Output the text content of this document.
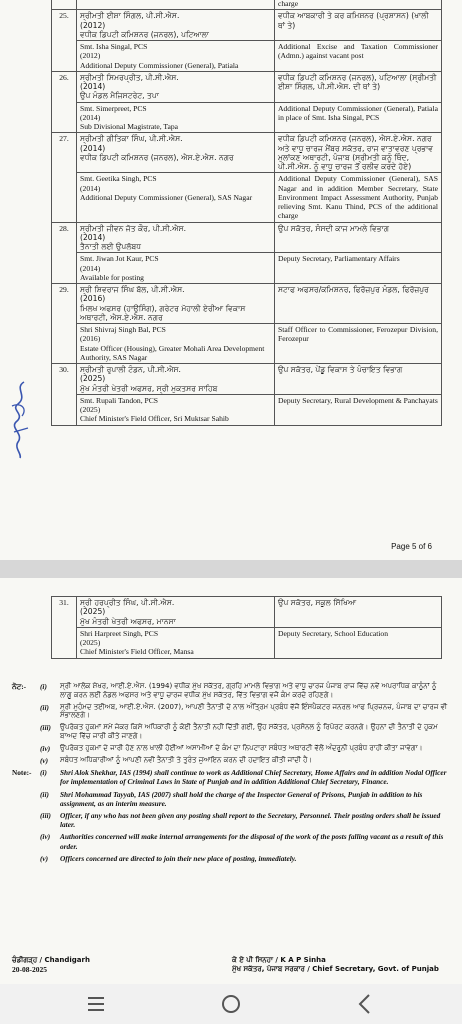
		charge
25.	ਸ੍ਰੀਮਤੀ ਈਸ਼ਾ ਸਿੰਗਲ, ਪੀ.ਸੀ.ਐਸ.
(2012)
ਵਧੀਕ ਡਿਪਟੀ ਕਮਿਸ਼ਨਰ (ਜਨਰਲ), ਪਟਿਆਲਾ	ਵਧੀਕ ਆਬਕਾਰੀ ਤੇ ਕਰ ਕਮਿਸ਼ਨਰ (ਪ੍ਰਸ਼ਾਸਨ) (ਖਾਲੀ ਥਾਂ ਤੇ)

	Smt. Isha Singal, PCS
(2012)
Additional Deputy Commissioner (General), Patiala	Additional Excise and Taxation Commissioner (Admn.) against vacant post
26.	ਸ੍ਰੀਮਤੀ ਸਿਮਰਪ੍ਰੀਤ, ਪੀ.ਸੀ.ਐਸ.
(2014)
ਉਪ ਮੰਡਲ ਮੈਜਿਸਟਰੇਟ, ਤਪਾ	ਵਧੀਕ ਡਿਪਟੀ ਕਮਿਸ਼ਨਰ (ਜਨਰਲ), ਪਟਿਆਲਾ (ਸ੍ਰੀਮਤੀ ਈਸ਼ਾ ਸਿੰਗਲ, ਪੀ.ਸੀ.ਐਸ. ਦੀ ਥਾਂ ਤੇ)

	Smt. Simerpreet, PCS
(2014)
Sub Divisional Magistrate, Tapa	Additional Deputy Commissioner (General), Patiala in place of Smt. Isha Singal, PCS
27.	ਸ੍ਰੀਮਤੀ ਗੀਤਿਕਾ ਸਿੰਘ, ਪੀ.ਸੀ.ਐਸ.
(2014)
ਵਧੀਕ ਡਿਪਟੀ ਕਮਿਸ਼ਨਰ (ਜਨਰਲ), ਐਸ.ਏ.ਐਸ. ਨਗਰ	ਵਧੀਕ ਡਿਪਟੀ ਕਮਿਸ਼ਨਰ (ਜਨਰਲ), ਐਸ.ਏ.ਐਸ. ਨਗਰ ਅਤੇ ਵਾਧੂ ਚਾਰਜ ਮੈਂਬਰ ਸਕੱਤਰ, ਰਾਜ ਵਾਤਾਵਰਣ ਪ੍ਰਭਾਵ ਮੁਲਾਂਕਣ ਅਥਾਰਟੀ, ਪੰਜਾਬ (ਸ੍ਰੀਮਤੀ ਕਨੂੰ ਥਿੰਦ, ਪੀ.ਸੀ.ਐਸ. ਨੂੰ ਵਾਧੂ ਚਾਰਜ ਤੋਂ ਰਲੀਵ ਕਰਦੇ ਹੋਏ)

	Smt. Geetika Singh, PCS
(2014)
Additional Deputy Commissioner (General), SAS Nagar	Additional Deputy Commissioner (General), SAS Nagar and in addition Member Secretary, State Environment Impact Assessment Authority, Punjab relieving Smt. Kanu Thind, PCS of the additional charge
28.	ਸ੍ਰੀਮਤੀ ਜੀਵਨ ਜੋਤ ਕੌਰ, ਪੀ.ਸੀ.ਐਸ.
(2014)
ਤੈਨਾਤੀ ਲਈ ਉਪਲੱਬਧ	ਉਪ ਸਕੱਤਰ, ਸੰਸਦੀ ਕਾਜ ਮਾਮਲੇ ਵਿਭਾਗ

	Smt. Jiwan Jot Kaur, PCS
(2014)
Available for posting	Deputy Secretary, Parliamentary Affairs
29.	ਸ੍ਰੀ ਸ਼ਿਵਰਾਜ ਸਿੰਘ ਬੱਲ, ਪੀ.ਸੀ.ਐਸ.
(2016)
ਮਿਲਖ ਅਫਸਰ (ਹਾਉਸਿੰਗ), ਗਰੇਟਰ ਮੋਹਾਲੀ ਏਰੀਆ ਵਿਕਾਸ ਅਥਾਰਟੀ, ਐਸ.ਏ.ਐਸ. ਨਗਰ	ਸਟਾਫ ਅਫਸਰ/ਕਮਿਸ਼ਨਰ, ਫਿਰੋਜ਼ਪੁਰ ਮੰਡਲ, ਫਿਰੋਜ਼ਪੁਰ

	Shri Shivraj Singh Bal, PCS
(2016)
Estate Officer (Housing), Greater Mohali Area Development Authority, SAS Nagar	Staff Officer to Commissioner, Ferozepur Division, Ferozepur
30.	ਸ੍ਰੀਮਤੀ ਰੁਪਾਲੀ ਟੰਡਨ, ਪੀ.ਸੀ.ਐਸ.
(2025)
ਮੁੱਖ ਮੰਤਰੀ ਖੇਤਰੀ ਅਫਸਰ, ਸ੍ਰੀ ਮੁਕਤਸਰ ਸਾਹਿਬ	ਉਪ ਸਕੱਤਰ, ਪੇਂਡੂ ਵਿਕਾਸ ਤੇ ਪੰਚਾਇਤ ਵਿਭਾਗ

	Smt. Rupali Tandon, PCS
(2025)
Chief Minister's Field Officer, Sri Muktsar Sahib	Deputy Secretary, Rural Development & Panchayats
Page 5 of 6
31.	ਸ੍ਰੀ ਹਰਪ੍ਰੀਤ ਸਿੰਘ, ਪੀ.ਸੀ.ਐਸ.
(2025)
ਮੁੱਖ ਮੰਤਰੀ ਖੇਤਰੀ ਅਫਸਰ, ਮਾਨਸਾ	ਉਪ ਸਕੱਤਰ, ਸਕੂਲ ਸਿੱਖਿਆ

	Shri Harpreet Singh, PCS
(2025)
Chief Minister's Field Officer, Mansa	Deputy Secretary, School Education
ਨੋਟ:-	(i)	ਸ੍ਰੀ ਆਲੋਕ ਸ਼ੇਖਰ, ਆਈ.ਏ.ਐਸ. (1994) ਵਧੀਕ ਮੁੱਖ ਸਕੱਤਰ, ਗ੍ਰਹਿ ਮਾਮਲੇ ਵਿਭਾਗ ਅਤੇ ਵਾਧੂ ਚਾਰਜ ਪੰਜਾਬ ਰਾਜ ਵਿੱਚ ਨਵੇਂ ਅਪਰਾਧਿਕ ਕਾਨੂੰਨਾਂ ਨੂੰ ਲਾਗੂ ਕਰਨ ਲਈ ਨੋਡਲ ਅਫਸਰ ਅਤੇ ਵਾਧੂ ਚਾਰਜ ਵਧੀਕ ਮੁੱਖ ਸਕੱਤਰ, ਵਿੱਤ ਵਿਭਾਗ ਵਜੋਂ ਕੰਮ ਕਰਦੇ ਰਹਿਣਗੇ।
(ii)	ਸ੍ਰੀ ਮੁਹੰਮਦ ਤਈਅਬ, ਆਈ.ਏ.ਐਸ. (2007), ਆਪਣੀ ਤੈਨਾਤੀ ਦੇ ਨਾਲ ਅੰਤ੍ਰਿਮ ਪ੍ਰਬੰਧ ਵੱਜੋਂ ਇੰਸਪੈਕਟਰ ਜਨਰਲ ਆਫ ਪ੍ਰਿਜ਼ਨਜ਼, ਪੰਜਾਬ ਦਾ ਚਾਰਜ ਵੀ ਸੰਭਾਲਣਗੇ।
(iii)	ਉਪਰੋਕਤ ਹੁਕਮਾਂ ਸਮੇਂ ਜੇਕਰ ਕਿਸੇ ਅਧਿਕਾਰੀ ਨੂੰ ਕੋਈ ਤੈਨਾਤੀ ਨਹੀਂ ਦਿੱਤੀ ਗਈ, ਉਹ ਸਕੱਤਰ, ਪ੍ਰਸੋਨਲ ਨੂੰ ਰਿਪੋਰਟ ਕਰਨਗੇ। ਉਹਨਾਂ ਦੀ ਤੈਨਾਤੀ ਦੇ ਹੁਕਮ ਬਾਅਦ ਵਿੱਚ ਜਾਰੀ ਕੀਤੇ ਜਾਣਗੇ।
(iv)	ਉਪਰੋਕਤ ਹੁਕਮਾਂ ਦੇ ਜਾਰੀ ਹੋਣ ਨਾਲ ਖਾਲੀ ਹੋਈਆਂ ਅਸਾਮੀਆਂ ਦੇ ਕੰਮ ਦਾ ਨਿਪਟਾਰਾ ਸਬੰਧਤ ਅਥਾਰਟੀ ਵੱਲੋਂ ਅੰਦਰੂਨੀ ਪ੍ਰਬੰਧ ਰਾਹੀਂ ਕੀਤਾ ਜਾਵੇਗਾ।
(v)	ਸਬੰਧਤ ਅਧਿਕਾਰੀਆਂ ਨੂੰ ਆਪਣੀ ਨਵੀਂ ਤੈਨਾਤੀ ਤੇ ਤੁਰੰਤ ਜੁਆਇਨ ਕਰਨ ਦੀ ਹਦਾਇਤ ਕੀਤੀ ਜਾਂਦੀ ਹੈ।
Note:-	(i)	Shri Alok Shekhar, IAS (1994) shall continue to work as Additional Chief Secretary, Home Affairs and in addition Nodal Officer for implementation of Criminal Laws in State of Punjab and in addition Additional Chief Secretary, Finance.
(ii)	Shri Mohammad Tayyab, IAS (2007) shall hold the charge of the Inspector General of Prisons, Punjab in addition to his assignment, as an interim measure.
(iii)	Officer, if any who has not been given any posting shall report to the Secretary, Personnel. Their posting orders shall be issued later.
(iv)	Authorities concerned will make internal arrangements for the disposal of the work of the posts falling vacant as a result of this order.
(v)	Officers concerned are directed to join their new place of posting, immediately.
ਚੰਡੀਗੜ੍ਹ / Chandigarh
20-08-2025
ਕੇ ਏ ਪੀ ਸਿਨਹਾ / K A P Sinha
ਮੁੱਖ ਸਕੱਤਰ, ਪੰਜਾਬ ਸਰਕਾਰ / Chief Secretary, Govt. of Punjab
